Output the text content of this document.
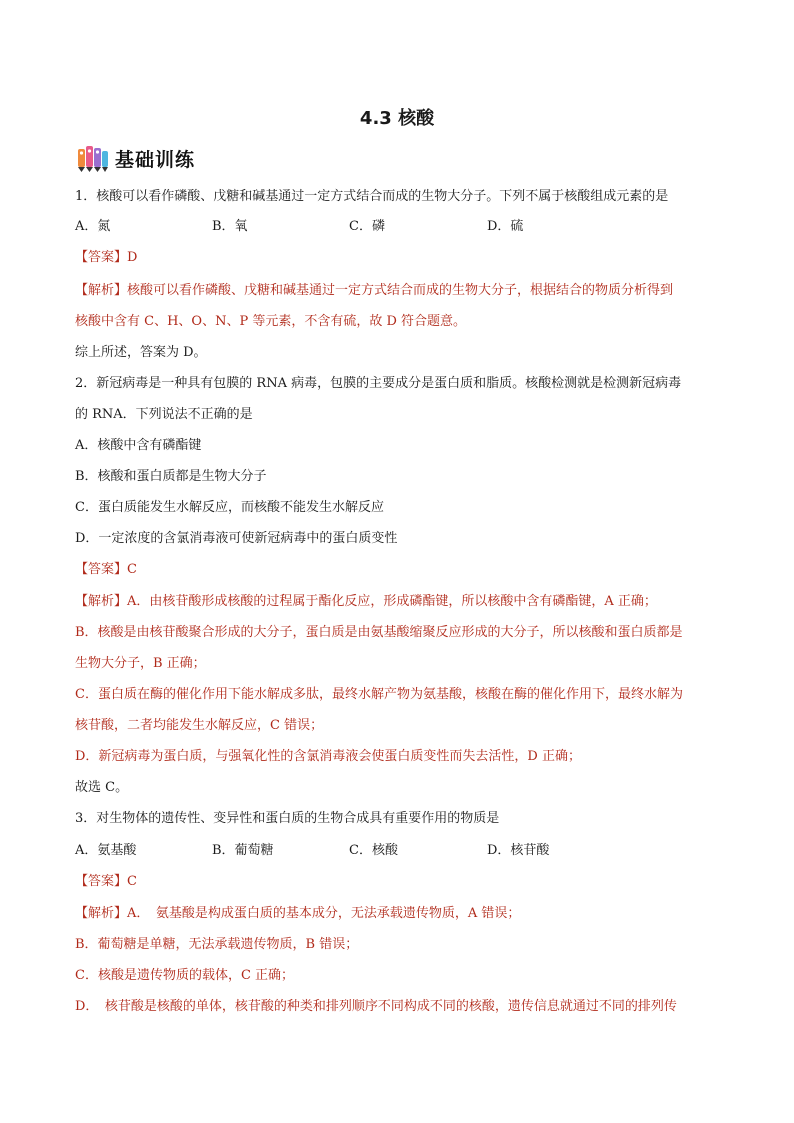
4.3 核酸
基础训练
1．核酸可以看作磷酸、戊糖和碱基通过一定方式结合而成的生物大分子。下列不属于核酸组成元素的是
A．氮	B．氧	C．磷	D．硫
【答案】D
【解析】核酸可以看作磷酸、戊糖和碱基通过一定方式结合而成的生物大分子，根据结合的物质分析得到
核酸中含有 C、H、O、N、P 等元素，不含有硫，故 D 符合题意。
综上所述，答案为 D。
2．新冠病毒是一种具有包膜的 RNA 病毒，包膜的主要成分是蛋白质和脂质。核酸检测就是检测新冠病毒
的 RNA．下列说法不正确的是
A．核酸中含有磷酯键
B．核酸和蛋白质都是生物大分子
C．蛋白质能发生水解反应，而核酸不能发生水解反应
D．一定浓度的含氯消毒液可使新冠病毒中的蛋白质变性
【答案】C
【解析】A．由核苷酸形成核酸的过程属于酯化反应，形成磷酯键，所以核酸中含有磷酯键，A 正确；
B．核酸是由核苷酸聚合形成的大分子，蛋白质是由氨基酸缩聚反应形成的大分子，所以核酸和蛋白质都是
生物大分子，B 正确；
C．蛋白质在酶的催化作用下能水解成多肽，最终水解产物为氨基酸，核酸在酶的催化作用下，最终水解为
核苷酸，二者均能发生水解反应，C 错误；
D．新冠病毒为蛋白质，与强氧化性的含氯消毒液会使蛋白质变性而失去活性，D 正确；
故选 C。
3．对生物体的遗传性、变异性和蛋白质的生物合成具有重要作用的物质是
A．氨基酸	B．葡萄糖	C．核酸	D．核苷酸
【答案】C
【解析】A．　氨基酸是构成蛋白质的基本成分，无法承载遗传物质，A 错误；
B．葡萄糖是单糖，无法承载遗传物质，B 错误；
C．核酸是遗传物质的载体，C 正确；
D．　核苷酸是核酸的单体，核苷酸的种类和排列顺序不同构成不同的核酸，遗传信息就通过不同的排列传
